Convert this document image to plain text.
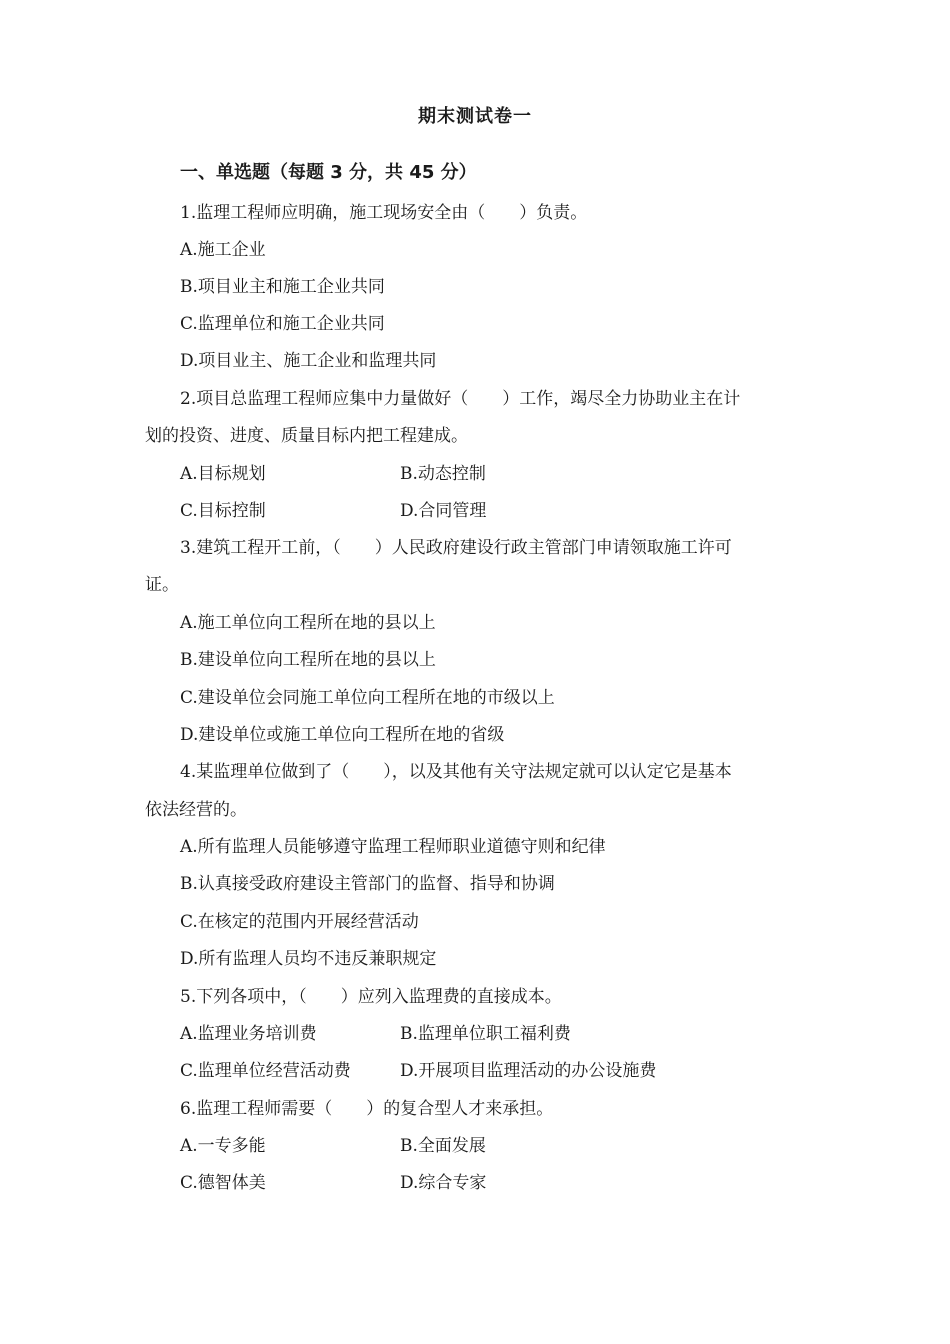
期末测试卷一
一、单选题（每题 3 分，共 45 分）
1.监理工程师应明确，施工现场安全由（　　）负责。
A.施工企业
B.项目业主和施工企业共同
C.监理单位和施工企业共同
D.项目业主、施工企业和监理共同
2.项目总监理工程师应集中力量做好（　　）工作，竭尽全力协助业主在计
划的投资、进度、质量目标内把工程建成。
A.目标规划	B.动态控制
C.目标控制	D.合同管理
3.建筑工程开工前，（　　）人民政府建设行政主管部门申请领取施工许可
证。
A.施工单位向工程所在地的县以上
B.建设单位向工程所在地的县以上
C.建设单位会同施工单位向工程所在地的市级以上
D.建设单位或施工单位向工程所在地的省级
4.某监理单位做到了（　　），以及其他有关守法规定就可以认定它是基本
依法经营的。
A.所有监理人员能够遵守监理工程师职业道德守则和纪律
B.认真接受政府建设主管部门的监督、指导和协调
C.在核定的范围内开展经营活动
D.所有监理人员均不违反兼职规定
5.下列各项中，（　　）应列入监理费的直接成本。
A.监理业务培训费	B.监理单位职工福利费
C.监理单位经营活动费	D.开展项目监理活动的办公设施费
6.监理工程师需要（　　）的复合型人才来承担。
A.一专多能	B.全面发展
C.德智体美	D.综合专家
